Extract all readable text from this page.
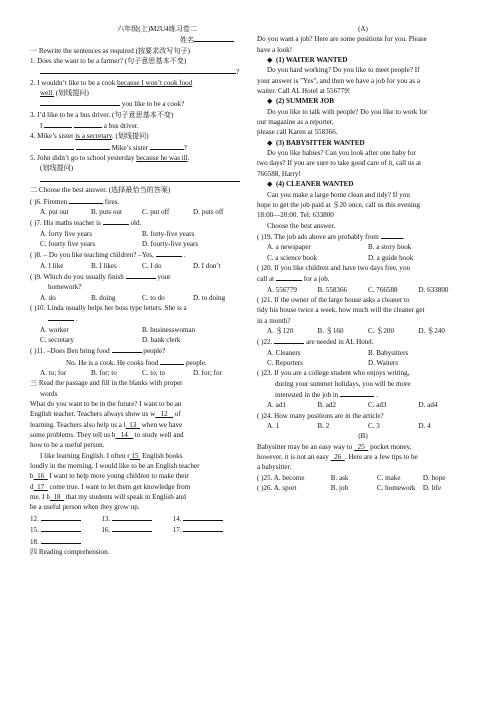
六年级(上)M2U4练习卷二
姓名
一 Rewrite the sentences as required (按要求改写句子)
1. Does she want to be a farmer? (句子意思基本不变)
?
2. I wouldn’t like to be a cook because I won’t cook food
well. (划线提问)
you like to be a cook?
3. I’d like to be a bus driver. (句子意思基本不变)
I	a bus driver.
4. Mike’s sister is a secretary. (划线提问)
Mike’s sister	?
5. John didn’t go to school yesterday because he was ill.
(划线提问)
二 Choose the best answer. (选择最恰当的答案)
( )6. Firemen	fires.
A. put out	B. puts out	C. put off	D. puts off
( )7. His maths teacher is	old.
A. forty five years	B. forty-five years
C. fourty five years	D. fourty-five years
( )8. – Do you like teaching children? –Yes,	.
A. I like	B. I likes	C. I do	D. I don’t
( )9. Which do you usually finish	your
homework?
A. do	B. doing	C. to do	D. to doing
( )10. Linda usually helps her boss type letters. She is a
.
A. worker	B. businesswoman
C. secretary	D. bank clerk
( )11. –Does Ben bring food	people?
No. He is a cook. He cooks food	people.
A. to; for	B. for; to	C. to; to	D. for; for
三 Read the passage and fill in the blanks with proper
words
What do you want to be in the future? I want to be an
English teacher. Teachers always show us w 12 of
learning. Teachers also help us a l 13 when we have
some problems. They tell us h 14 to study well and
how to be a useful person.
I like learning English. I often r 15 English books
loudly in the morning. I would like to be an English teacher
b 16 I want to help more young children to make their
d 17 come true. I want to let them get knowledge from
me. I h 18 that my students will speak in English and
be a useful person when they grow up.
12.	13.	14.
15.	16.	17.
18.
四 Reading comprehension.
(A)
Do you want a job? Here are some positions for you. Please
have a look!
◆ (1) WAITER WANTED
Do you hard working? Do you like to meet people? If
your answer is "Yes", and then we have a job for you as a
waiter. Call AL Hotel at 556779!
◆ (2) SUMMER JOB
Do you like to talk with people? Do you like to work for
our magazine as a reporter,
please call Karen at 558366.
◆ (3) BABYSITTER WANTED
Do you like babies? Can you look after one baby for
two days? If you are sure to take good care of it, call us at
766588, Harry!
◆ (4) CLEANER WANTED
Can you make a large home clean and tidy? If you
hope to get the job paid at ＄20 once, call us this evening
18:00—20:00. Tel: 633800
Choose the best answer.
( )19. The job ads above are probably from	.
A. a newspaper	B. a story book
C. a science book	D. a guide book
( )20. If you like children and have two days free, you
call at	for a job.
A. 556779	B. 558366	C. 766588	D. 633800
( )21. If the owner of the large house asks a cleaner to
tidy his house twice a week, how much will the cleaner get
in a month?
A. ＄120	B. ＄160	C. ＄200	D. ＄240
( )22.	are needed in AL Hotel.
A. Cleaners	B. Babysitters
C. Reporters	D. Waiters
( )23. If you are a college student who enjoys writing,
during your summer holidays, you will be more
interested in the job in	.
A. ad1	B. ad2	C. ad3	D. ad4
( )24. How many positions are in the article?
A. 1	B. 2	C. 3	D. 4
(B)
Babysitter may be an easy way to 25 pocket money,
however, it is not an easy 26 . Here are a few tips to be
a babysitter.
( )25. A. become	B. ask	C. make	D. hope
( )26. A. sport	B. job	C. homework	D. life
